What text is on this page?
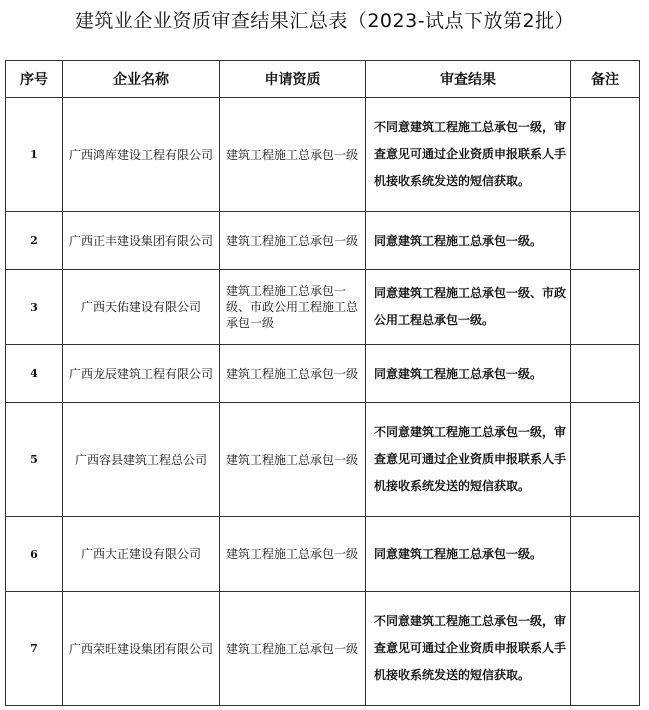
建筑业企业资质审查结果汇总表（2023-试点下放第2批）
序号	企业名称	申请资质	审查结果	备注
1	广西鸿库建设工程有限公司	建筑工程施工总承包一级	不同意建筑工程施工总承包一级，审查意见可通过企业资质申报联系人手机接收系统发送的短信获取。	
2	广西正丰建设集团有限公司	建筑工程施工总承包一级	同意建筑工程施工总承包一级。	
3	广西天佑建设有限公司	建筑工程施工总承包一级、市政公用工程施工总承包一级	同意建筑工程施工总承包一级、市政公用工程总承包一级。	
4	广西龙辰建筑工程有限公司	建筑工程施工总承包一级	同意建筑工程施工总承包一级。	
5	广西容县建筑工程总公司	建筑工程施工总承包一级	不同意建筑工程施工总承包一级，审查意见可通过企业资质申报联系人手机接收系统发送的短信获取。	
6	广西大正建设有限公司	建筑工程施工总承包一级	同意建筑工程施工总承包一级。	
7	广西荣旺建设集团有限公司	建筑工程施工总承包一级	不同意建筑工程施工总承包一级，审查意见可通过企业资质申报联系人手机接收系统发送的短信获取。	
